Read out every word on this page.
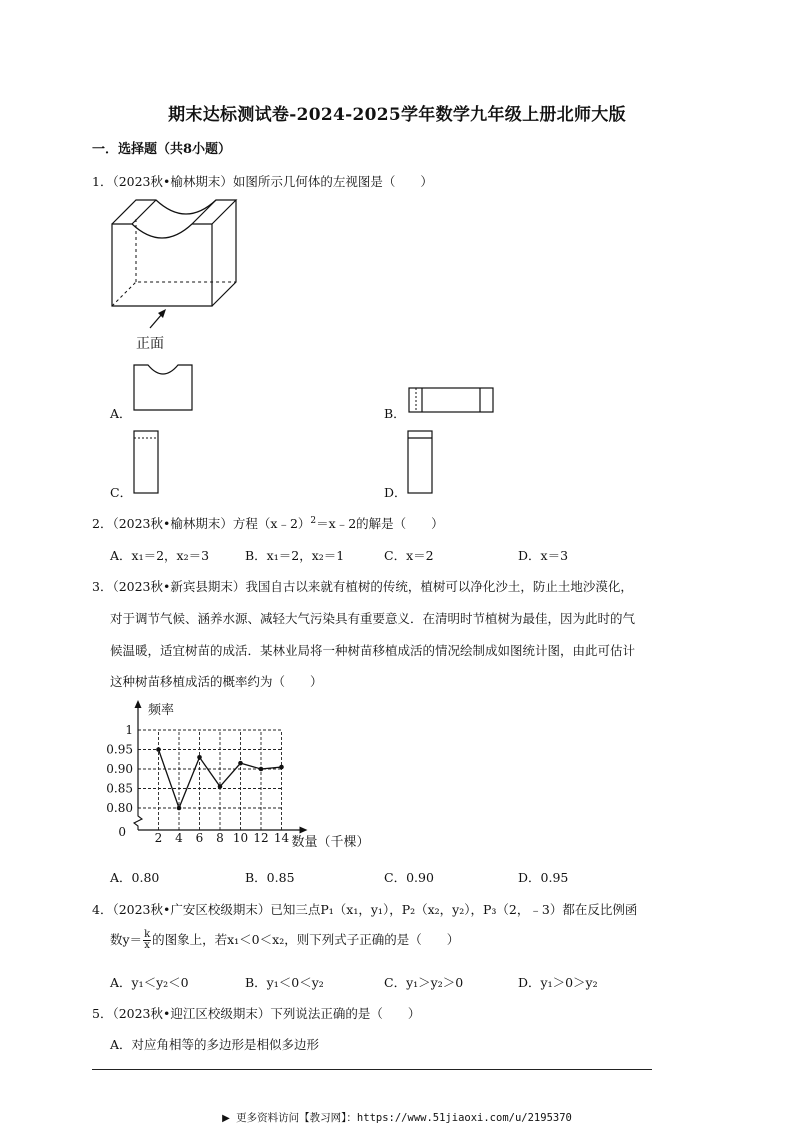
期末达标测试卷-2024-2025学年数学九年级上册北师大版
一．选择题（共8小题）
1．（2023秋•榆林期末）如图所示几何体的左视图是（　　）
正面
A．	B．
C．	D．
2．（2023秋•榆林期末）方程（x﹣2）$^2$＝x﹣2的解是（　　）
A．x₁＝2，x₂＝3	B．x₁＝2，x₂＝1	C．x＝2	D．x＝3
3．（2023秋•新宾县期末）我国自古以来就有植树的传统，植树可以净化沙土，防止土地沙漠化，
对于调节气候、涵养水源、减轻大气污染具有重要意义．在清明时节植树为最佳，因为此时的气
候温暖，适宜树苗的成活．某林业局将一种树苗移植成活的情况绘制成如图统计图，由此可估计
这种树苗移植成活的概率约为（　　）
2 4 6 8 10 12 14
0.80
0.85
0.90
0.95
1
0
频率
数量（千棵）
A．0.80	B．0.85	C．0.90	D．0.95
4．（2023秋•广安区校级期末）已知三点P₁（x₁，y₁），P₂（x₂，y₂），P₃（2，﹣3）都在反比例函
数$y= \frac{k}{x}$ 的图象上，若x₁＜0＜x₂，则下列式子正确的是（　　）
A．y₁＜y₂＜0	B．y₁＜0＜y₂	C．y₁＞y₂＞0	D．y₁＞0＞y₂
5．（2023秋•迎江区校级期末）下列说法正确的是（　　）
A．对应角相等的多边形是相似多边形
▶ 更多资料访问【教习网】：https://www.51jiaoxi.com/u/2195370
